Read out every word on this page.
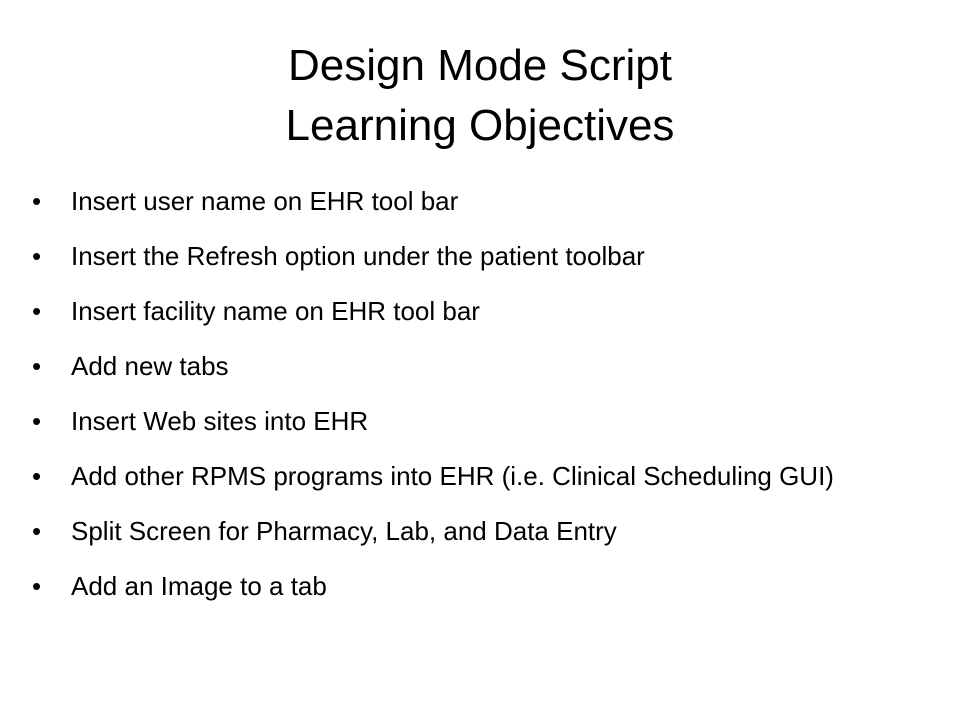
Design Mode Script
Learning Objectives
•	Insert user name on EHR tool bar
•	Insert the Refresh option under the patient toolbar
•	Insert facility name on EHR tool bar
•	Add new tabs
•	Insert Web sites into EHR
•	Add other RPMS programs into EHR (i.e. Clinical Scheduling GUI)
•	Split Screen for Pharmacy, Lab, and Data Entry
•	Add an Image to a tab
